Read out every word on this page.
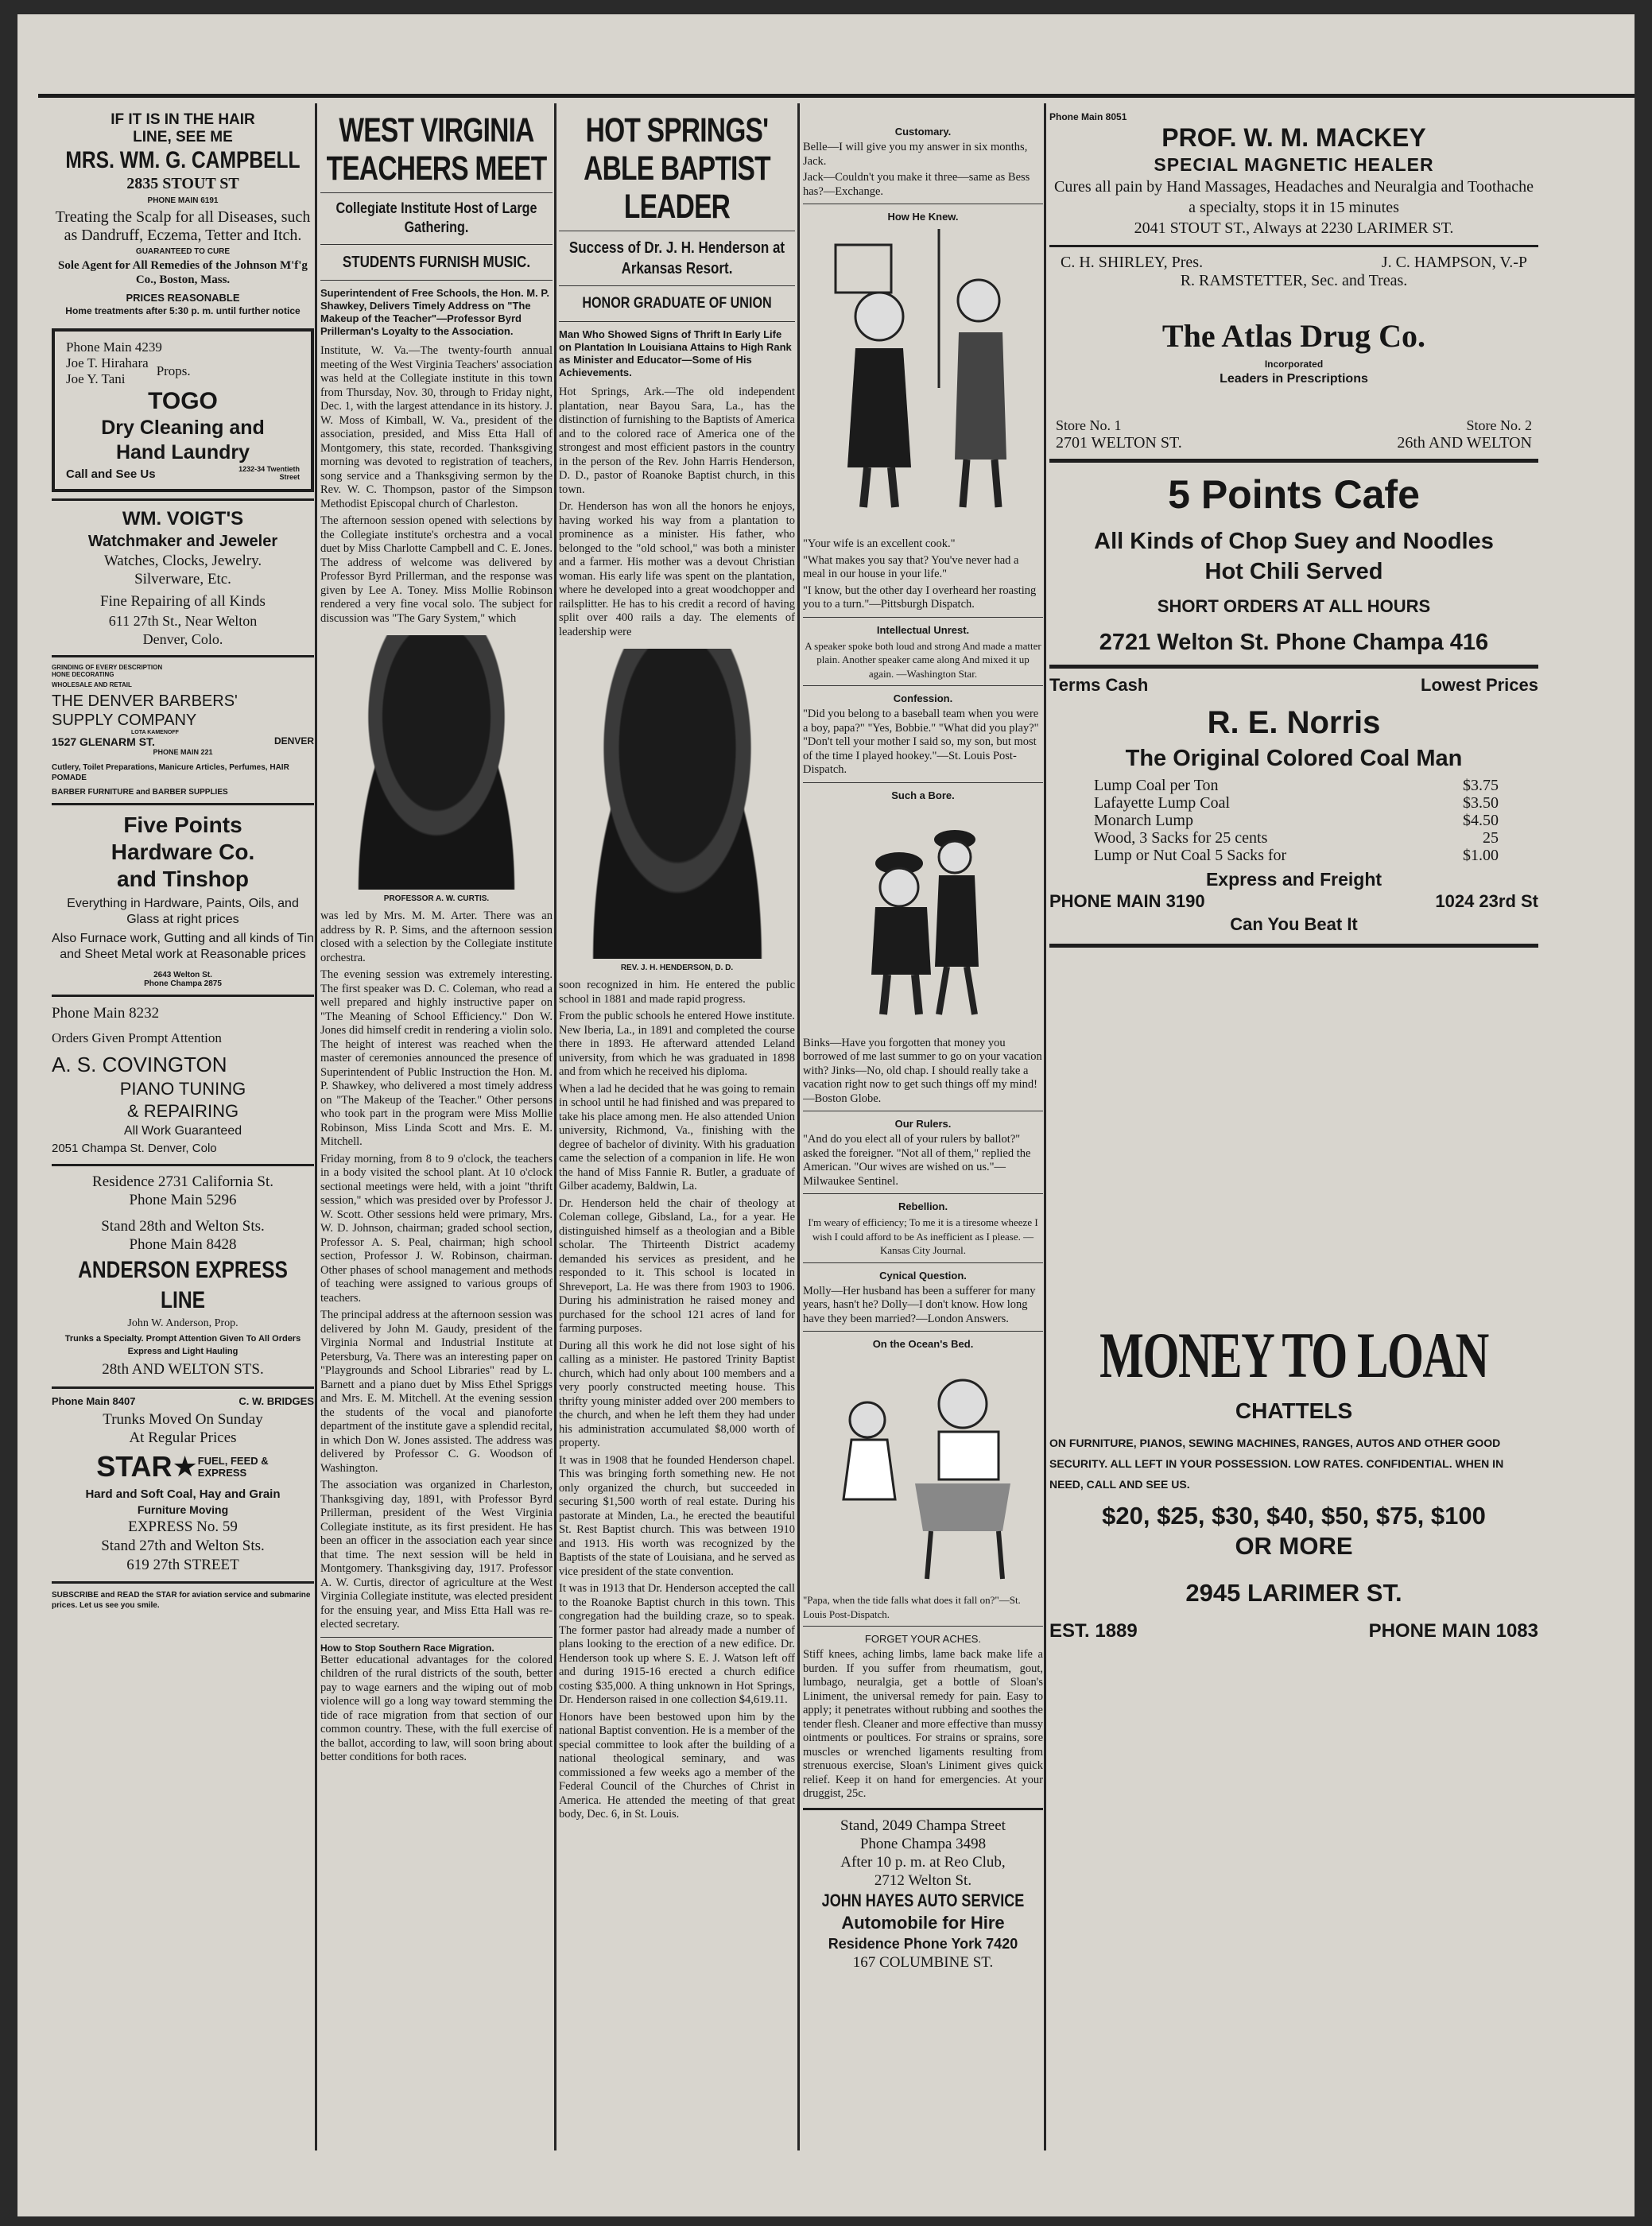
IF IT IS IN THE HAIR
LINE, SEE ME
MRS. WM. G. CAMPBELL
2835 STOUT ST
PHONE MAIN 6191
Treating the Scalp for all Diseases, such as Dandruff, Eczema, Tetter and Itch.
GUARANTEED TO CURE
Sole Agent for All Remedies of the Johnson M'f'g Co., Boston, Mass.
PRICES REASONABLE
Home treatments after 5:30 p. m. until further notice
Phone Main 4239
Joe T. Hirahara
Joe Y. Tani
Props.
TOGO
Dry Cleaning and
Hand Laundry
Call and See Us	1232-34 Twentieth Street
WM. VOIGT'S
Watchmaker and Jeweler
Watches, Clocks, Jewelry.
Silverware, Etc.
Fine Repairing of all Kinds
611 27th St., Near Welton
Denver, Colo.
GRINDING OF EVERY DESCRIPTION
HONE DECORATING
WHOLESALE AND RETAIL
THE DENVER BARBERS'
SUPPLY COMPANY
LOTA KAMENOFF
1527 GLENARM ST.	DENVER
PHONE MAIN 221
Cutlery, Toilet Preparations, Manicure Articles, Perfumes, HAIR POMADE
BARBER FURNITURE and BARBER SUPPLIES
Five Points
Hardware Co.
and Tinshop
Everything in Hardware, Paints, Oils, and Glass at right prices
Also Furnace work, Gutting and all kinds of Tin and Sheet Metal work at Reasonable prices
2643 Welton St.
Phone Champa 2875
Phone Main 8232
Orders Given Prompt Attention
A. S. COVINGTON
PIANO TUNING
& REPAIRING
All Work Guaranteed
2051 Champa St. Denver, Colo
Residence 2731 California St.
Phone Main 5296
Stand 28th and Welton Sts.
Phone Main 8428
ANDERSON EXPRESS LINE
John W. Anderson, Prop.
Trunks a Specialty. Prompt Attention Given To All Orders
Express and Light Hauling
28th AND WELTON STS.
Phone Main 8407	C. W. BRIDGES
Trunks Moved On Sunday
At Regular Prices
STAR ★ FUEL, FEED & EXPRESS
Hard and Soft Coal, Hay and Grain
Furniture Moving
EXPRESS No. 59
Stand 27th and Welton Sts.
619 27th STREET
SUBSCRIBE and READ the STAR for aviation service and submarine prices. Let us see you smile.
WEST VIRGINIA TEACHERS MEET
Collegiate Institute Host of Large Gathering.
STUDENTS FURNISH MUSIC.
Superintendent of Free Schools, the Hon. M. P. Shawkey, Delivers Timely Address on "The Makeup of the Teacher"—Professor Byrd Prillerman's Loyalty to the Association.

Institute, W. Va.—The twenty-fourth annual meeting of the West Virginia Teachers' association was held at the Collegiate institute in this town from Thursday, Nov. 30, through to Friday night, Dec. 1, with the largest attendance in its history. J. W. Moss of Kimball, W. Va., president of the association, presided, and Miss Etta Hall of Montgomery, this state, recorded. Thanksgiving morning was devoted to registration of teachers, song service and a Thanksgiving sermon by the Rev. W. C. Thompson, pastor of the Simpson Methodist Episcopal church of Charleston.

The afternoon session opened with selections by the Collegiate institute's orchestra and a vocal duet by Miss Charlotte Campbell and C. E. Jones. The address of welcome was delivered by Professor Byrd Prillerman, and the response was given by Lee A. Toney. Miss Mollie Robinson rendered a very fine vocal solo. The subject for discussion was "The Gary System," which

PROFESSOR A. W. CURTIS.

was led by Mrs. M. M. Arter. There was an address by R. P. Sims, and the afternoon session closed with a selection by the Collegiate institute orchestra.

The evening session was extremely interesting. The first speaker was D. C. Coleman, who read a well prepared and highly instructive paper on "The Meaning of School Efficiency." Don W. Jones did himself credit in rendering a violin solo. The height of interest was reached when the master of ceremonies announced the presence of Superintendent of Public Instruction the Hon. M. P. Shawkey, who delivered a most timely address on "The Makeup of the Teacher." Other persons who took part in the program were Miss Mollie Robinson, Miss Linda Scott and Mrs. E. M. Mitchell.

Friday morning, from 8 to 9 o'clock, the teachers in a body visited the school plant. At 10 o'clock sectional meetings were held, with a joint "thrift session," which was presided over by Professor J. W. Scott. Other sessions held were primary, Mrs. W. D. Johnson, chairman; graded school section, Professor A. S. Peal, chairman; high school section, Professor J. W. Robinson, chairman. Other phases of school management and methods of teaching were assigned to various groups of teachers.

The principal address at the afternoon session was delivered by John M. Gaudy, president of the Virginia Normal and Industrial Institute at Petersburg, Va. There was an interesting paper on "Playgrounds and School Libraries" read by L. Barnett and a piano duet by Miss Ethel Spriggs and Mrs. E. M. Mitchell. At the evening session the students of the vocal and pianoforte department of the institute gave a splendid recital, in which Don W. Jones assisted. The address was delivered by Professor C. G. Woodson of Washington.

The association was organized in Charleston, Thanksgiving day, 1891, with Professor Byrd Prillerman, president of the West Virginia Collegiate institute, as its first president. He has been an officer in the association each year since that time. The next session will be held in Montgomery. Thanksgiving day, 1917. Professor A. W. Curtis, director of agriculture at the West Virginia Collegiate institute, was elected president for the ensuing year, and Miss Etta Hall was re-elected secretary.

How to Stop Southern Race Migration.

Better educational advantages for the colored children of the rural districts of the south, better pay to wage earners and the wiping out of mob violence will go a long way toward stemming the tide of race migration from that section of our common country. These, with the full exercise of the ballot, according to law, will soon bring about better conditions for both races.

HOT SPRINGS' ABLE BAPTIST LEADER
Success of Dr. J. H. Henderson at Arkansas Resort.
HONOR GRADUATE OF UNION
Man Who Showed Signs of Thrift In Early Life on Plantation In Louisiana Attains to High Rank as Minister and Educator—Some of His Achievements.

Hot Springs, Ark.—The old independent plantation, near Bayou Sara, La., has the distinction of furnishing to the Baptists of America and to the colored race of America one of the strongest and most efficient pastors in the country in the person of the Rev. John Harris Henderson, D. D., pastor of Roanoke Baptist church, in this town.

Dr. Henderson has won all the honors he enjoys, having worked his way from a plantation to prominence as a minister. His father, who belonged to the "old school," was both a minister and a farmer. His mother was a devout Christian woman. His early life was spent on the plantation, where he developed into a great woodchopper and railsplitter. He has to his credit a record of having split over 400 rails a day. The elements of leadership were

REV. J. H. HENDERSON, D. D.

soon recognized in him. He entered the public school in 1881 and made rapid progress.

From the public schools he entered Howe institute. New Iberia, La., in 1891 and completed the course there in 1893. He afterward attended Leland university, from which he was graduated in 1898 and from which he received his diploma.

When a lad he decided that he was going to remain in school until he had finished and was prepared to take his place among men. He also attended Union university, Richmond, Va., finishing with the degree of bachelor of divinity. With his graduation came the selection of a companion in life. He won the hand of Miss Fannie R. Butler, a graduate of Gilber academy, Baldwin, La.

Dr. Henderson held the chair of theology at Coleman college, Gibsland, La., for a year. He distinguished himself as a theologian and a Bible scholar. The Thirteenth District academy demanded his services as president, and he responded to it. This school is located in Shreveport, La. He was there from 1903 to 1906. During his administration he raised money and purchased for the school 121 acres of land for farming purposes.

During all this work he did not lose sight of his calling as a minister. He pastored Trinity Baptist church, which had only about 100 members and a very poorly constructed meeting house. This thrifty young minister added over 200 members to the church, and when he left them they had under his administration accumulated $8,000 worth of property.

It was in 1908 that he founded Henderson chapel. This was bringing forth something new. He not only organized the church, but succeeded in securing $1,500 worth of real estate. During his pastorate at Minden, La., he erected the beautiful St. Rest Baptist church. This was between 1910 and 1913. His worth was recognized by the Baptists of the state of Louisiana, and he served as vice president of the state convention.

It was in 1913 that Dr. Henderson accepted the call to the Roanoke Baptist church in this town. This congregation had the building craze, so to speak. The former pastor had already made a number of plans looking to the erection of a new edifice. Dr. Henderson took up where S. E. J. Watson left off and during 1915-16 erected a church edifice costing $35,000. A thing unknown in Hot Springs, Dr. Henderson raised in one collection $4,619.11.

Honors have been bestowed upon him by the national Baptist convention. He is a member of the special committee to look after the building of a national theological seminary, and was commissioned a few weeks ago a member of the Federal Council of the Churches of Christ in America. He attended the meeting of that great body, Dec. 6, in St. Louis.

Customary.

Belle—I will give you my answer in six months, Jack.

Jack—Couldn't you make it three—same as Bess has?—Exchange.

How He Knew.

"Your wife is an excellent cook."

"What makes you say that? You've never had a meal in our house in your life."

"I know, but the other day I overheard her roasting you to a turn."—Pittsburgh Dispatch.

Intellectual Unrest.

A speaker spoke both loud and strong And made a matter plain. Another speaker came along And mixed it up again. —Washington Star.

Confession.

"Did you belong to a baseball team when you were a boy, papa?" "Yes, Bobbie." "What did you play?" "Don't tell your mother I said so, my son, but most of the time I played hookey."—St. Louis Post-Dispatch.

Such a Bore.

Binks—Have you forgotten that money you borrowed of me last summer to go on your vacation with? Jinks—No, old chap. I should really take a vacation right now to get such things off my mind!—Boston Globe.

Our Rulers.

"And do you elect all of your rulers by ballot?" asked the foreigner. "Not all of them," replied the American. "Our wives are wished on us."—Milwaukee Sentinel.

Rebellion.

I'm weary of efficiency; To me it is a tiresome wheeze I wish I could afford to be As inefficient as I please. —Kansas City Journal.

Cynical Question.

Molly—Her husband has been a sufferer for many years, hasn't he? Dolly—I don't know. How long have they been married?—London Answers.

On the Ocean's Bed.

"Papa, when the tide falls what does it fall on?"—St. Louis Post-Dispatch.

FORGET YOUR ACHES.

Stiff knees, aching limbs, lame back make life a burden. If you suffer from rheumatism, gout, lumbago, neuralgia, get a bottle of Sloan's Liniment, the universal remedy for pain. Easy to apply; it penetrates without rubbing and soothes the tender flesh. Cleaner and more effective than mussy ointments or poultices. For strains or sprains, sore muscles or wrenched ligaments resulting from strenuous exercise, Sloan's Liniment gives quick relief. Keep it on hand for emergencies. At your druggist, 25c.

Stand, 2049 Champa Street
Phone Champa 3498
After 10 p. m. at Reo Club,
2712 Welton St.
JOHN HAYES AUTO SERVICE
Automobile for Hire
Residence Phone York 7420
167 COLUMBINE ST.
Phone Main 8051
PROF. W. M. MACKEY
SPECIAL MAGNETIC HEALER
Cures all pain by Hand Massages, Headaches and Neuralgia and Toothache a specialty, stops it in 15 minutes
2041 STOUT ST., Always at 2230 LARIMER ST.
C. H. SHIRLEY, Pres.	J. C. HAMPSON, V.-P
R. RAMSTETTER, Sec. and Treas.
The Atlas Drug Co.
Incorporated
Leaders in Prescriptions
Store No. 1	Store No. 2
2701 WELTON ST.	26th AND WELTON
5 Points Cafe
All Kinds of Chop Suey and Noodles
Hot Chili Served
SHORT ORDERS AT ALL HOURS
2721 Welton St. Phone Champa 416
Terms Cash	Lowest Prices
R. E. Norris
The Original Colored Coal Man
Lump Coal per Ton	$3.75
Lafayette Lump Coal	$3.50
Monarch Lump	$4.50
Wood, 3 Sacks for 25 cents	25
Lump or Nut Coal 5 Sacks for	$1.00
Express and Freight
PHONE MAIN 3190	1024 23rd St
Can You Beat It
MONEY TO LOAN
CHATTELS
ON FURNITURE, PIANOS, SEWING MACHINES, RANGES, AUTOS AND OTHER GOOD SECURITY. ALL LEFT IN YOUR POSSESSION. LOW RATES. CONFIDENTIAL. WHEN IN NEED, CALL AND SEE US.
$20, $25, $30, $40, $50, $75, $100
OR MORE
2945 LARIMER ST.
EST. 1889	PHONE MAIN 1083
